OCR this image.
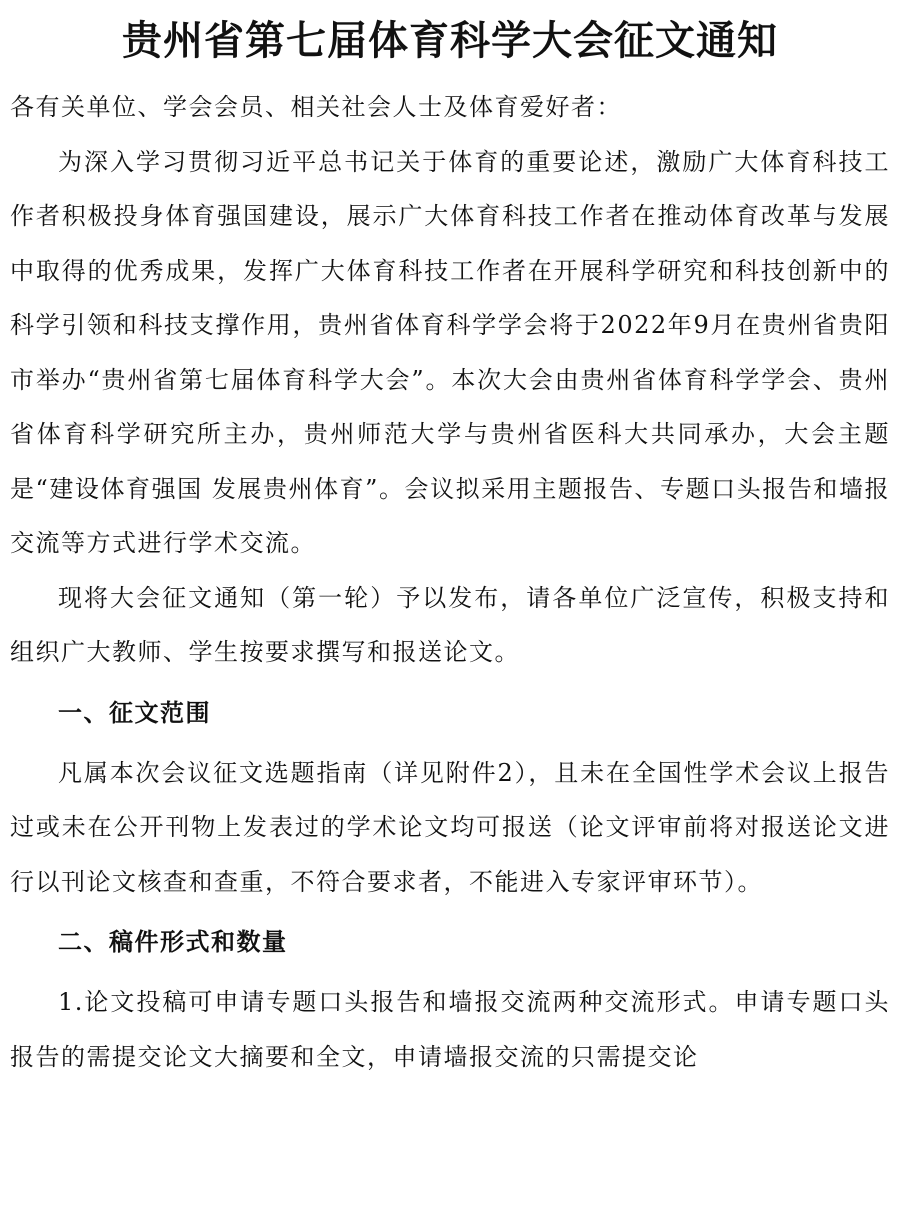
贵州省第七届体育科学大会征文通知

各有关单位、学会会员、相关社会人士及体育爱好者：

为深入学习贯彻习近平总书记关于体育的重要论述，激励广大体育科技工作者积极投身体育强国建设，展示广大体育科技工作者在推动体育改革与发展中取得的优秀成果，发挥广大体育科技工作者在开展科学研究和科技创新中的科学引领和科技支撑作用，贵州省体育科学学会将于2022年9月在贵州省贵阳市举办“贵州省第七届体育科学大会”。本次大会由贵州省体育科学学会、贵州省体育科学研究所主办，贵州师范大学与贵州省医科大共同承办，大会主题是“建设体育强国 发展贵州体育”。会议拟采用主题报告、专题口头报告和墙报交流等方式进行学术交流。

现将大会征文通知（第一轮）予以发布，请各单位广泛宣传，积极支持和组织广大教师、学生按要求撰写和报送论文。

一、征文范围

凡属本次会议征文选题指南（详见附件2），且未在全国性学术会议上报告过或未在公开刊物上发表过的学术论文均可报送（论文评审前将对报送论文进行以刊论文核查和查重，不符合要求者，不能进入专家评审环节）。

二、稿件形式和数量

1.论文投稿可申请专题口头报告和墙报交流两种交流形式。申请专题口头报告的需提交论文大摘要和全文，申请墙报交流的只需提交论
